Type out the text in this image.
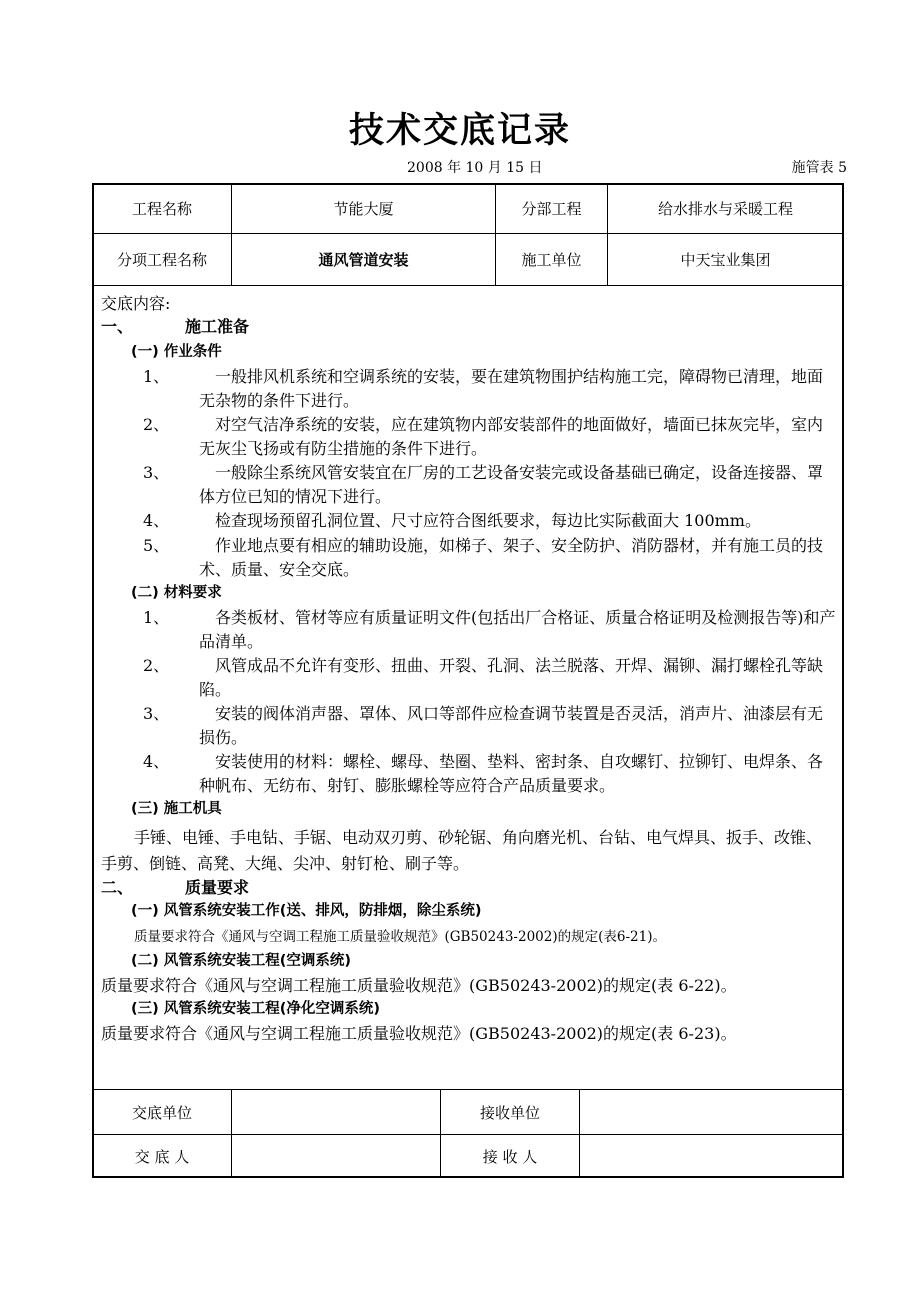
技术交底记录
2008 年 10 月 15 日	施管表 5
工程名称	节能大厦	分部工程	给水排水与采暖工程
分项工程名称	通风管道安装	施工单位	中天宝业集团
交底内容:
一、	施工准备
(一) 作业条件
1、	一般排风机系统和空调系统的安装，要在建筑物围护结构施工完，障碍物已清理，地面
无杂物的条件下进行。
2、	对空气洁净系统的安装，应在建筑物内部安装部件的地面做好，墙面已抹灰完毕，室内
无灰尘飞扬或有防尘措施的条件下进行。
3、	一般除尘系统风管安装宜在厂房的工艺设备安装完或设备基础已确定，设备连接器、罩
体方位已知的情况下进行。
4、	检查现场预留孔洞位置、尺寸应符合图纸要求，每边比实际截面大 100mm。
5、	作业地点要有相应的辅助设施，如梯子、架子、安全防护、消防器材，并有施工员的技
术、质量、安全交底。
(二) 材料要求
1、	各类板材、管材等应有质量证明文件(包括出厂合格证、质量合格证明及检测报告等)和产
品清单。
2、	风管成品不允许有变形、扭曲、开裂、孔洞、法兰脱落、开焊、漏铆、漏打螺栓孔等缺
陷。
3、	安装的阀体消声器、罩体、风口等部件应检查调节装置是否灵活，消声片、油漆层有无
损伤。
4、	安装使用的材料：螺栓、螺母、垫圈、垫料、密封条、自攻螺钉、拉铆钉、电焊条、各
种帆布、无纺布、射钉、膨胀螺栓等应符合产品质量要求。
(三) 施工机具
手锤、电锤、手电钻、手锯、电动双刃剪、砂轮锯、角向磨光机、台钻、电气焊具、扳手、改锥、
手剪、倒链、高凳、大绳、尖冲、射钉枪、刷子等。
二、	质量要求
(一) 风管系统安装工作(送、排风，防排烟，除尘系统)
质量要求符合《通风与空调工程施工质量验收规范》(GB50243-2002)的规定(表6-21)。
(二) 风管系统安装工程(空调系统)
质量要求符合《通风与空调工程施工质量验收规范》(GB50243-2002)的规定(表 6-22)。
(三) 风管系统安装工程(净化空调系统)
质量要求符合《通风与空调工程施工质量验收规范》(GB50243-2002)的规定(表 6-23)。
交底单位	接收单位
交 底 人	接 收 人
